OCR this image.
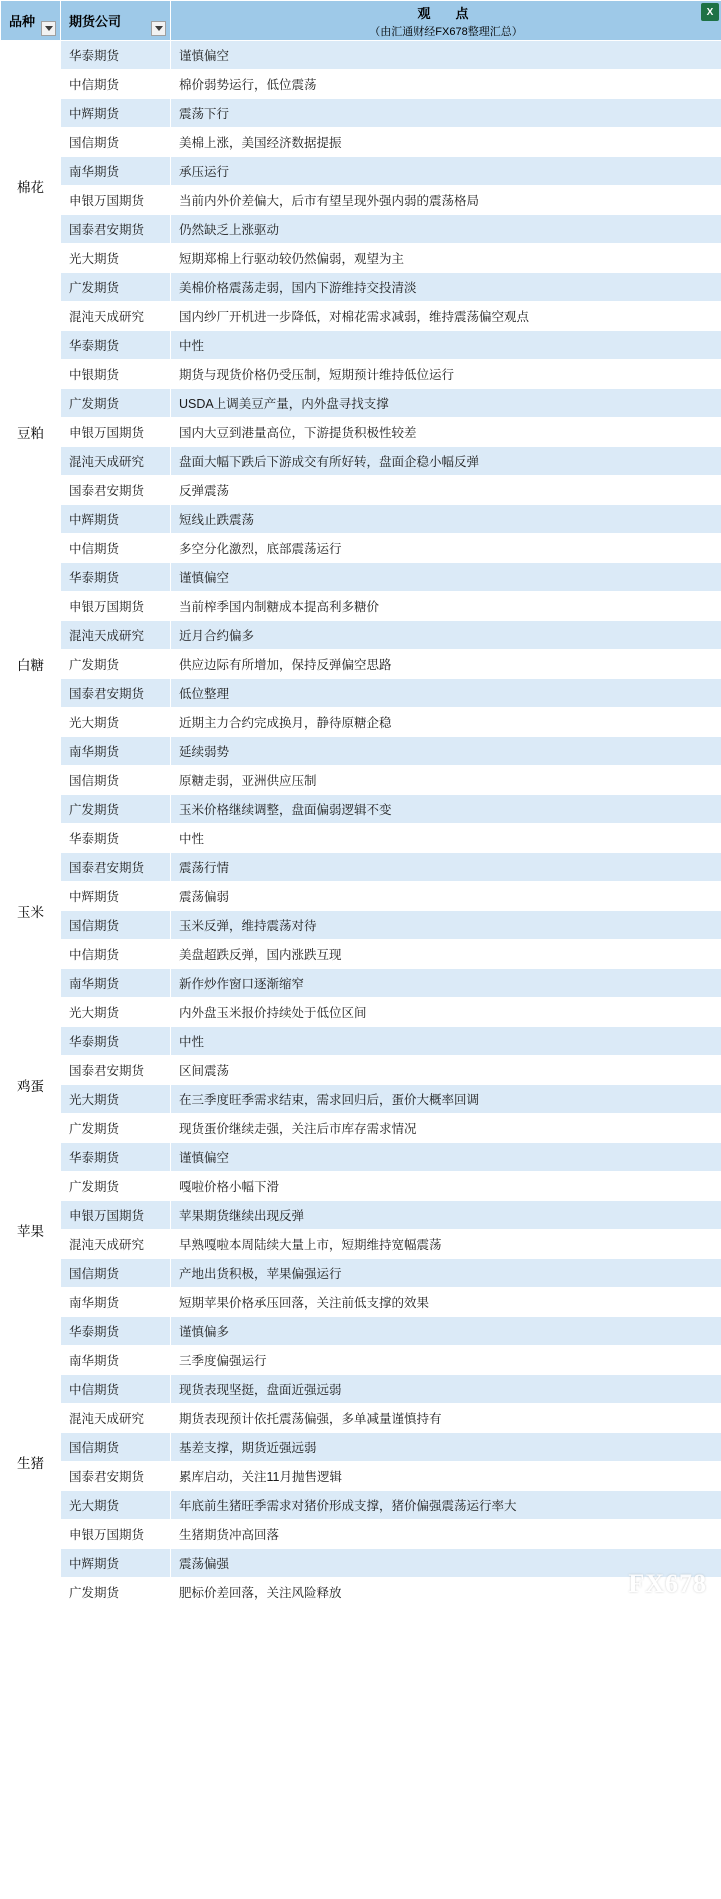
品种	期货公司	观　点
（由汇通财经FX678整理汇总）
X

棉花	华泰期货	谨慎偏空
	中信期货	棉价弱势运行，低位震荡
	中辉期货	震荡下行
	国信期货	美棉上涨，美国经济数据提振
	南华期货	承压运行
	申银万国期货	当前内外价差偏大，后市有望呈现外强内弱的震荡格局
	国泰君安期货	仍然缺乏上涨驱动
	光大期货	短期郑棉上行驱动较仍然偏弱，观望为主
	广发期货	美棉价格震荡走弱，国内下游维持交投清淡
	混沌天成研究	国内纱厂开机进一步降低，对棉花需求减弱，维持震荡偏空观点
豆粕	华泰期货	中性
	中银期货	期货与现货价格仍受压制，短期预计维持低位运行
	广发期货	USDA上调美豆产量，内外盘寻找支撑
	申银万国期货	国内大豆到港量高位，下游提货积极性较差
	混沌天成研究	盘面大幅下跌后下游成交有所好转，盘面企稳小幅反弹
	国泰君安期货	反弹震荡
	中辉期货	短线止跌震荡
白糖	中信期货	多空分化激烈，底部震荡运行
	华泰期货	谨慎偏空
	申银万国期货	当前榨季国内制糖成本提高利多糖价
	混沌天成研究	近月合约偏多
	广发期货	供应边际有所增加，保持反弹偏空思路
	国泰君安期货	低位整理
	光大期货	近期主力合约完成换月，静待原糖企稳
	南华期货	延续弱势
	国信期货	原糖走弱，亚洲供应压制
玉米	广发期货	玉米价格继续调整，盘面偏弱逻辑不变
	华泰期货	中性
	国泰君安期货	震荡行情
	中辉期货	震荡偏弱
	国信期货	玉米反弹，维持震荡对待
	中信期货	美盘超跌反弹，国内涨跌互现
	南华期货	新作炒作窗口逐渐缩窄
	光大期货	内外盘玉米报价持续处于低位区间
鸡蛋	华泰期货	中性
	国泰君安期货	区间震荡
	光大期货	在三季度旺季需求结束，需求回归后，蛋价大概率回调
	广发期货	现货蛋价继续走强，关注后市库存需求情况
苹果	华泰期货	谨慎偏空
	广发期货	嘎啦价格小幅下滑
	申银万国期货	苹果期货继续出现反弹
	混沌天成研究	早熟嘎啦本周陆续大量上市，短期维持宽幅震荡
	国信期货	产地出货积极，苹果偏强运行
	南华期货	短期苹果价格承压回落，关注前低支撑的效果
生猪	华泰期货	谨慎偏多
	南华期货	三季度偏强运行
	中信期货	现货表现坚挺，盘面近强远弱
	混沌天成研究	期货表现预计依托震荡偏强，多单减量谨慎持有
	国信期货	基差支撑，期货近强远弱
	国泰君安期货	累库启动，关注11月抛售逻辑
	光大期货	年底前生猪旺季需求对猪价形成支撑，猪价偏强震荡运行率大
	申银万国期货	生猪期货冲高回落
	中辉期货	震荡偏强
	广发期货	肥标价差回落，关注风险释放	FX678
